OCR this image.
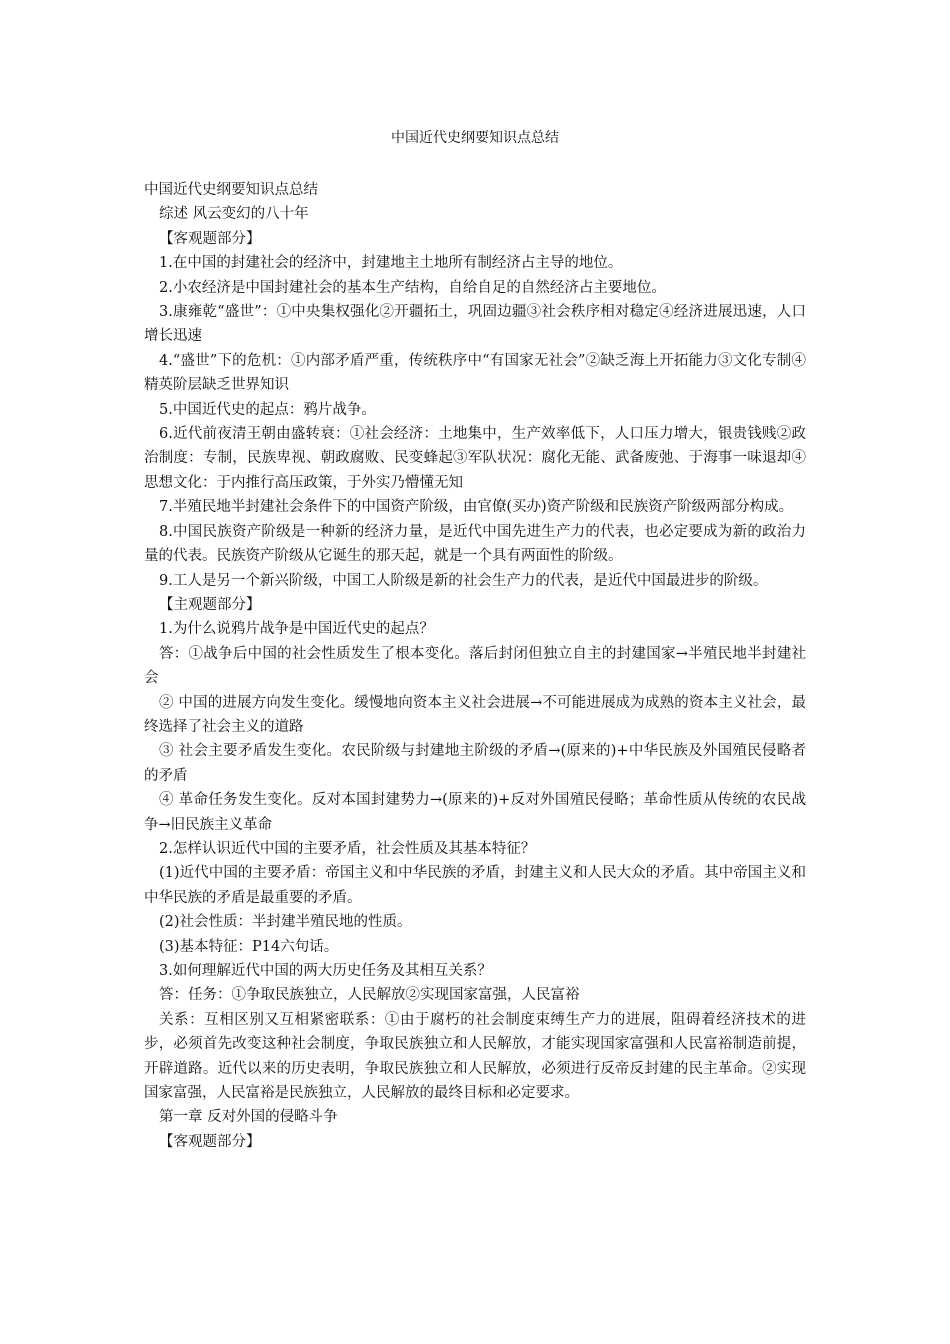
中国近代史纲要知识点总结

中国近代史纲要知识点总结

综述 风云变幻的八十年

【客观题部分】

1.在中国的封建社会的经济中，封建地主土地所有制经济占主导的地位。

2.小农经济是中国封建社会的基本生产结构，自给自足的自然经济占主要地位。

3.康雍乾“盛世”：①中央集权强化②开疆拓土，巩固边疆③社会秩序相对稳定④经济进展迅速，人口增长迅速

4.“盛世”下的危机：①内部矛盾严重，传统秩序中“有国家无社会”②缺乏海上开拓能力③文化专制④精英阶层缺乏世界知识

5.中国近代史的起点：鸦片战争。

6.近代前夜清王朝由盛转衰：①社会经济：土地集中，生产效率低下，人口压力增大，银贵钱贱②政治制度：专制，民族卑视、朝政腐败、民变蜂起③军队状况：腐化无能、武备废弛、于海事一味退却④思想文化：于内推行高压政策，于外实乃懵懂无知

7.半殖民地半封建社会条件下的中国资产阶级，由官僚(买办)资产阶级和民族资产阶级两部分构成。

8.中国民族资产阶级是一种新的经济力量，是近代中国先进生产力的代表，也必定要成为新的政治力量的代表。民族资产阶级从它诞生的那天起，就是一个具有两面性的阶级。

9.工人是另一个新兴阶级，中国工人阶级是新的社会生产力的代表，是近代中国最进步的阶级。

【主观题部分】

1.为什么说鸦片战争是中国近代史的起点？

答：①战争后中国的社会性质发生了根本变化。落后封闭但独立自主的封建国家→半殖民地半封建社会

② 中国的进展方向发生变化。缓慢地向资本主义社会进展→不可能进展成为成熟的资本主义社会，最终选择了社会主义的道路

③ 社会主要矛盾发生变化。农民阶级与封建地主阶级的矛盾→(原来的)+中华民族及外国殖民侵略者的矛盾

④ 革命任务发生变化。反对本国封建势力→(原来的)+反对外国殖民侵略；革命性质从传统的农民战争→旧民族主义革命

2.怎样认识近代中国的主要矛盾，社会性质及其基本特征？

(1)近代中国的主要矛盾：帝国主义和中华民族的矛盾，封建主义和人民大众的矛盾。其中帝国主义和中华民族的矛盾是最重要的矛盾。

(2)社会性质：半封建半殖民地的性质。

(3)基本特征：P14六句话。

3.如何理解近代中国的两大历史任务及其相互关系？

答：任务：①争取民族独立，人民解放②实现国家富强，人民富裕

关系：互相区别又互相紧密联系：①由于腐朽的社会制度束缚生产力的进展，阻碍着经济技术的进步，必须首先改变这种社会制度，争取民族独立和人民解放，才能实现国家富强和人民富裕制造前提，开辟道路。近代以来的历史表明，争取民族独立和人民解放，必须进行反帝反封建的民主革命。②实现国家富强，人民富裕是民族独立，人民解放的最终目标和必定要求。

第一章 反对外国的侵略斗争

【客观题部分】
